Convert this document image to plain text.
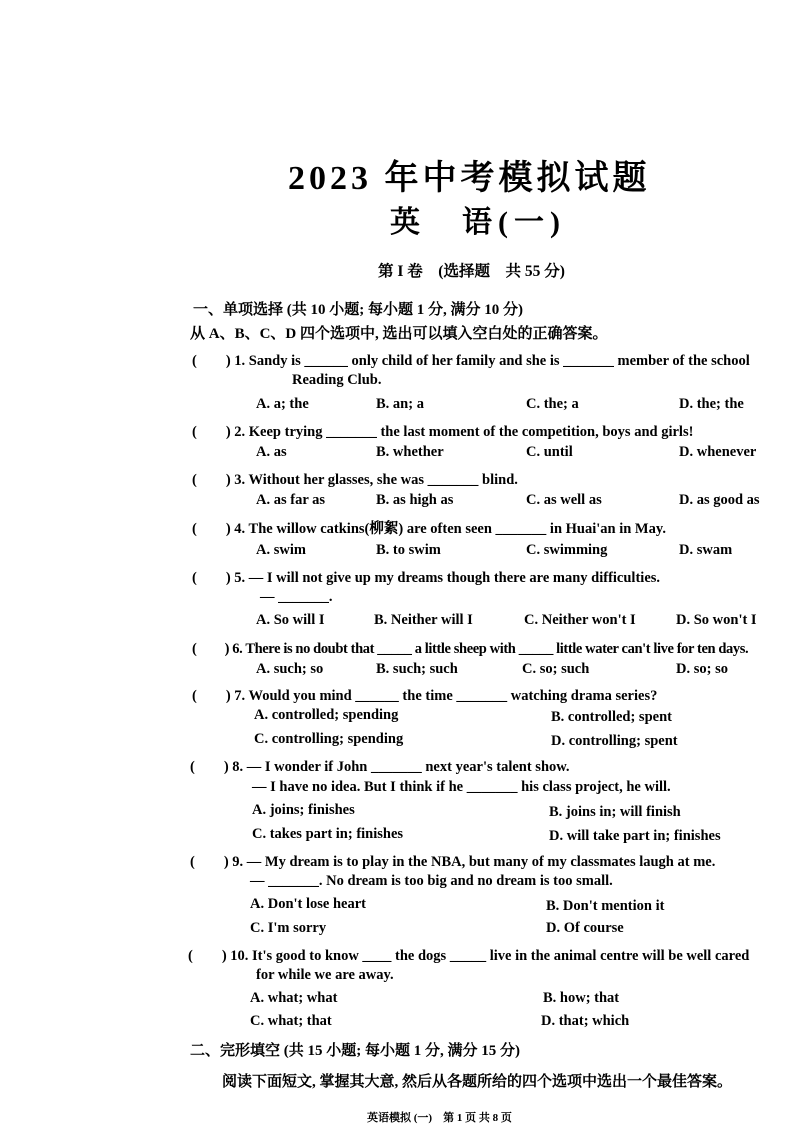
2023 年中考模拟试题
英　语(一)
第 I 卷　(选择题　共 55 分)
一、单项选择 (共 10 小题; 每小题 1 分, 满分 10 分)
从 A、B、C、D 四个选项中, 选出可以填入空白处的正确答案。
(　　) 1. Sandy is ______ only child of her family and she is _______ member of the school
Reading Club.
A. a; the	B. an; a	C. the; a	D. the; the
(　　) 2. Keep trying _______ the last moment of the competition, boys and girls!
A. as	B. whether	C. until	D. whenever
(　　) 3. Without her glasses, she was _______ blind.
A. as far as	B. as high as	C. as well as	D. as good as
(　　) 4. The willow catkins(柳絮) are often seen _______ in Huai'an in May.
A. swim	B. to swim	C. swimming	D. swam
(　　) 5. — I will not give up my dreams though there are many difficulties.
— _______.
A. So will I	B. Neither will I	C. Neither won't I	D. So won't I
(　　) 6. There is no doubt that _____ a little sheep with _____ little water can't live for ten days.
A. such; so	B. such; such	C. so; such	D. so; so
(　　) 7. Would you mind ______ the time _______ watching drama series?
A. controlled; spending	B. controlled; spent
C. controlling; spending	D. controlling; spent
(　　) 8. — I wonder if John _______ next year's talent show.
— I have no idea. But I think if he _______ his class project, he will.
A. joins; finishes	B. joins in; will finish
C. takes part in; finishes	D. will take part in; finishes
(　　) 9. — My dream is to play in the NBA, but many of my classmates laugh at me.
— _______. No dream is too big and no dream is too small.
A. Don't lose heart	B. Don't mention it
C. I'm sorry	D. Of course
(　　) 10. It's good to know ____ the dogs _____ live in the animal centre will be well cared
for while we are away.
A. what; what	B. how; that
C. what; that	D. that; which
二、完形填空 (共 15 小题; 每小题 1 分, 满分 15 分)
阅读下面短文, 掌握其大意, 然后从各题所给的四个选项中选出一个最佳答案。
英语模拟 (一)　第 1 页 共 8 页
